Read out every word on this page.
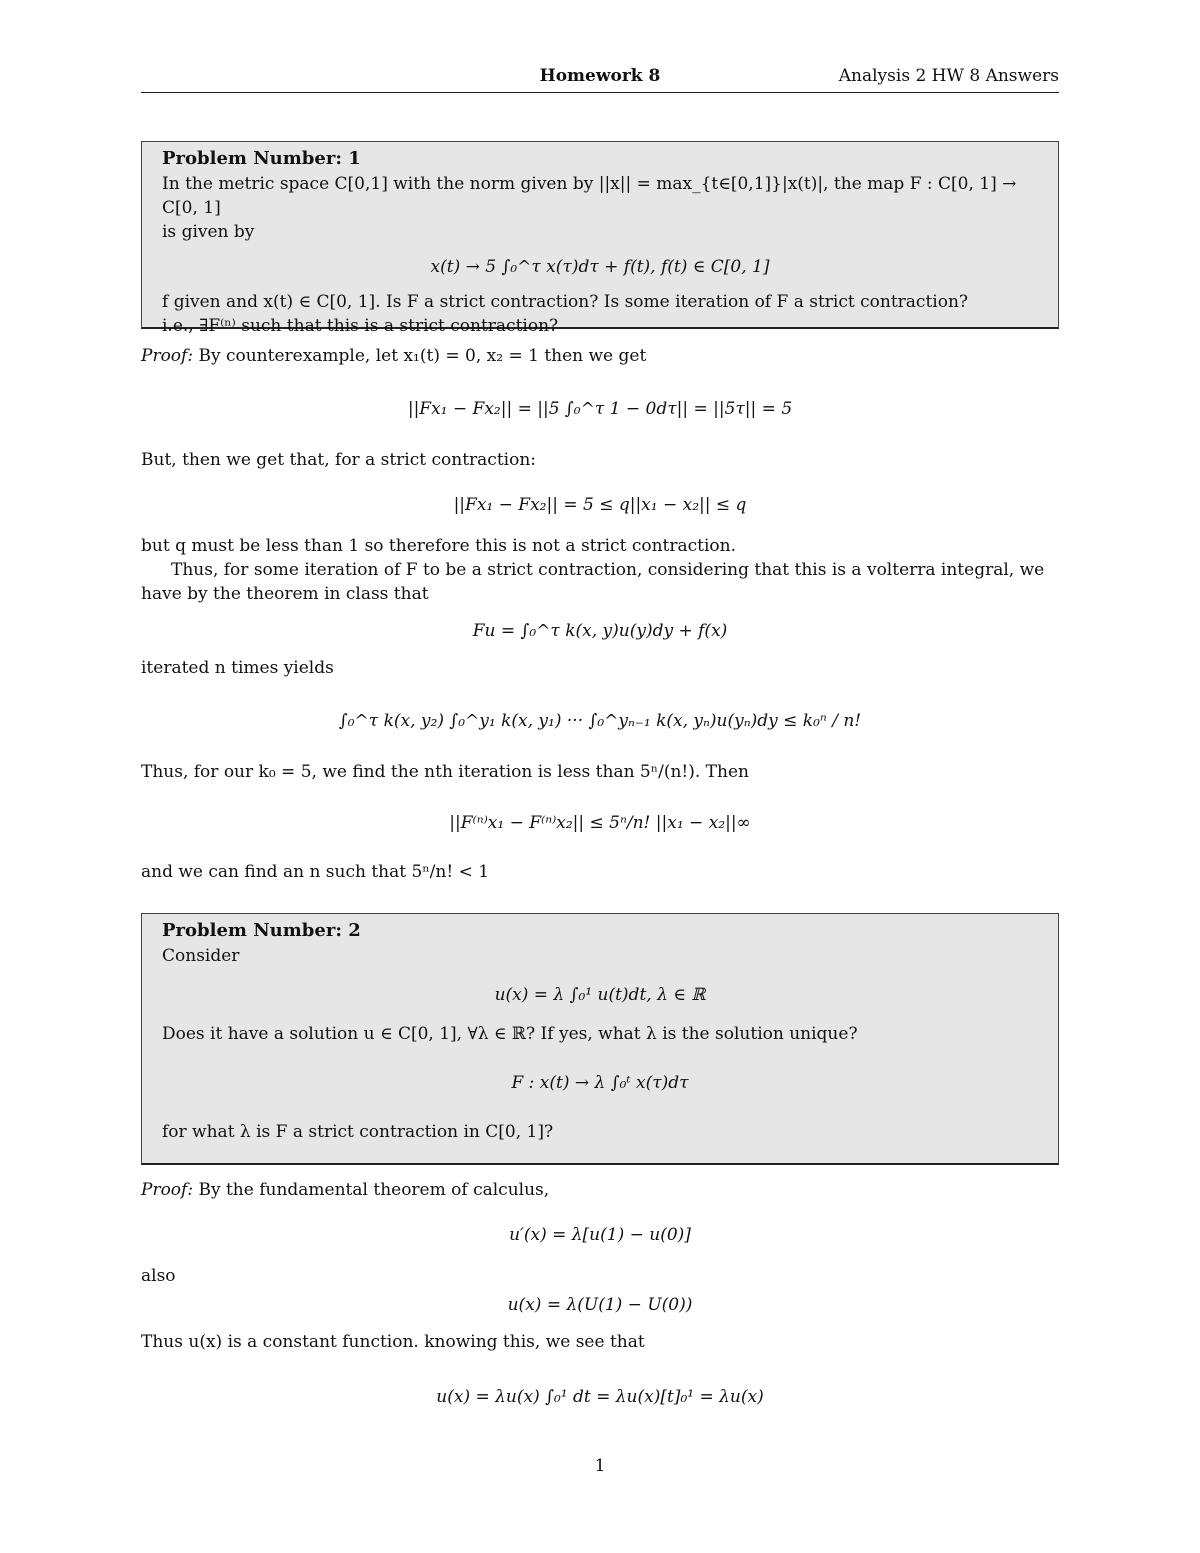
Homework 8	Analysis 2 HW 8 Answers
Problem Number: 1
In the metric space C[0,1] with the norm given by ||x|| = max_{t∈[0,1]}|x(t)|, the map F : C[0, 1] → C[0, 1]
is given by
x(t) → 5 ∫₀^τ x(τ)dτ + f(t), f(t) ∈ C[0, 1]
f given and x(t) ∈ C[0, 1]. Is F a strict contraction? Is some iteration of F a strict contraction?
i.e., ∃F⁽ⁿ⁾ such that this is a strict contraction?
Proof: By counterexample, let x₁(t) = 0, x₂ = 1 then we get
||Fx₁ − Fx₂|| = ||5 ∫₀^τ 1 − 0dτ|| = ||5τ|| = 5
But, then we get that, for a strict contraction:
||Fx₁ − Fx₂|| = 5 ≤ q||x₁ − x₂|| ≤ q
but q must be less than 1 so therefore this is not a strict contraction.
Thus, for some iteration of F to be a strict contraction, considering that this is a volterra integral, we
have by the theorem in class that
Fu = ∫₀^τ k(x, y)u(y)dy + f(x)
iterated n times yields
∫₀^τ k(x, y₂) ∫₀^y₁ k(x, y₁) ··· ∫₀^yₙ₋₁ k(x, yₙ)u(yₙ)dy ≤ k₀ⁿ / n!
Thus, for our k₀ = 5, we find the nth iteration is less than 5ⁿ/(n!). Then
||F⁽ⁿ⁾x₁ − F⁽ⁿ⁾x₂|| ≤ 5ⁿ/n! ||x₁ − x₂||∞
and we can find an n such that 5ⁿ/n! < 1
Problem Number: 2
Consider
u(x) = λ ∫₀¹ u(t)dt, λ ∈ ℝ
Does it have a solution u ∈ C[0, 1], ∀λ ∈ ℝ? If yes, what λ is the solution unique?
F : x(t) → λ ∫₀ᵗ x(τ)dτ
for what λ is F a strict contraction in C[0, 1]?
Proof: By the fundamental theorem of calculus,
u′(x) = λ[u(1) − u(0)]
also
u(x) = λ(U(1) − U(0))
Thus u(x) is a constant function. knowing this, we see that
u(x) = λu(x) ∫₀¹ dt = λu(x)[t]₀¹ = λu(x)
1
